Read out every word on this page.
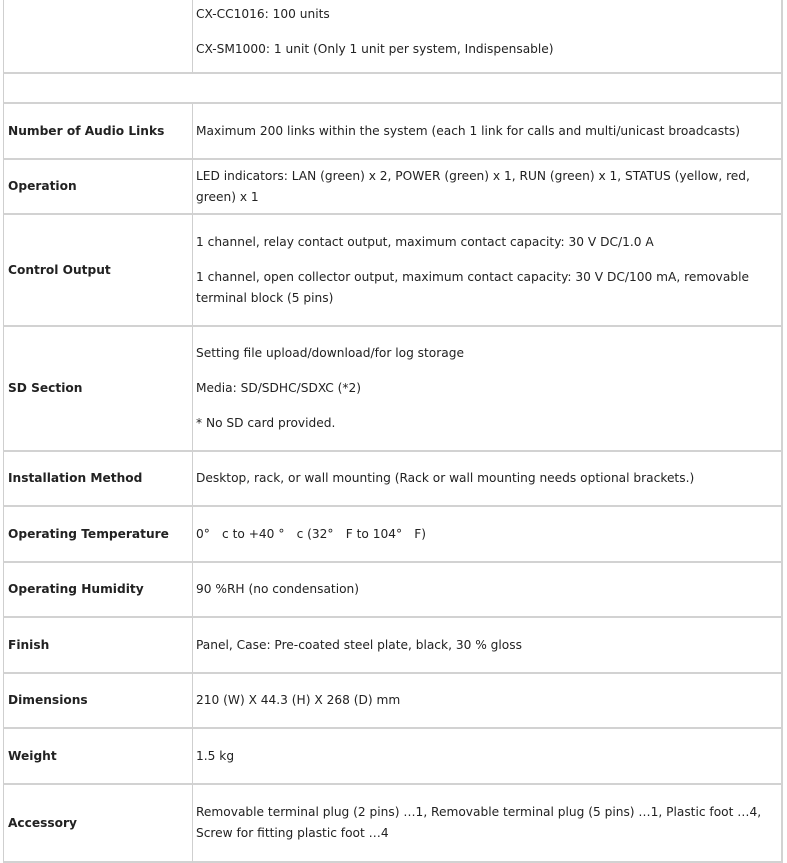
	CX-CC1016: 100 units

CX-SM1000: 1 unit (Only 1 unit per system, Indispensable)

Number of Audio Links	Maximum 200 links within the system (each 1 link for calls and multi/unicast broadcasts)

Operation	LED indicators: LAN (green) x 2, POWER (green) x 1, RUN (green) x 1, STATUS (yellow, red, green) x 1

Control Output	1 channel, relay contact output, maximum contact capacity: 30 V DC/1.0 A

1 channel, open collector output, maximum contact capacity: 30 V DC/100 mA, removable terminal block (5 pins)

SD Section	Setting file upload/download/for log storage

Media: SD/SDHC/SDXC (*2)

* No SD card provided.

Installation Method	Desktop, rack, or wall mounting (Rack or wall mounting needs optional brackets.)

Operating Temperature	0°　c to +40 °　c (32°　F to 104°　F)

Operating Humidity	90 %RH (no condensation)

Finish	Panel, Case: Pre-coated steel plate, black, 30 % gloss

Dimensions	210 (W) X 44.3 (H) X 268 (D) mm

Weight	1.5 kg

Accessory	Removable terminal plug (2 pins) …1, Removable terminal plug (5 pins) …1, Plastic foot …4, Screw for fitting plastic foot …4
